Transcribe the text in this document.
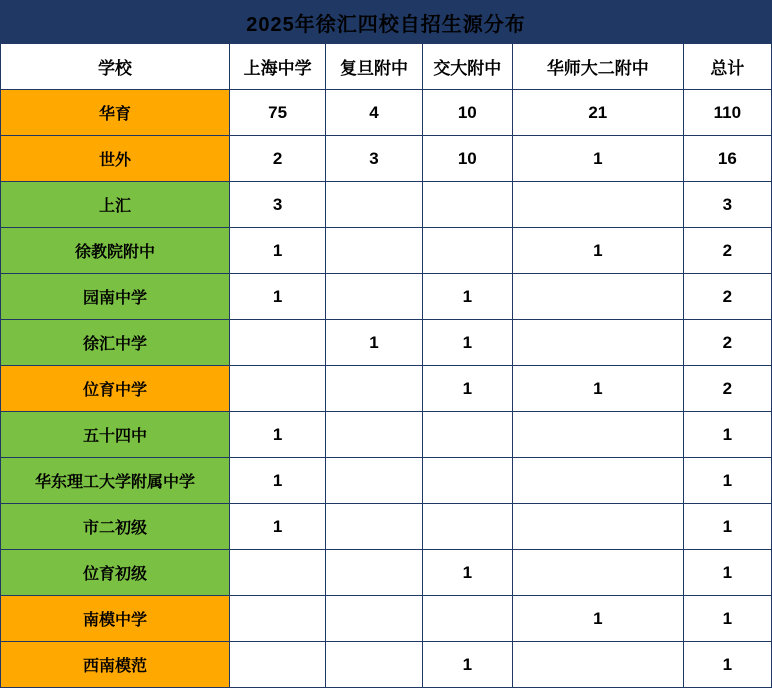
2025年徐汇四校自招生源分布					
学校	上海中学	复旦附中	交大附中	华师大二附中	总计
华育	75	4	10	21	110
世外	2	3	10	1	16
上汇	3				3
徐教院附中	1			1	2
园南中学	1		1		2
徐汇中学		1	1		2
位育中学			1	1	2
五十四中	1				1
华东理工大学附属中学	1				1
市二初级	1				1
位育初级			1		1
南模中学				1	1
西南模范			1		1
